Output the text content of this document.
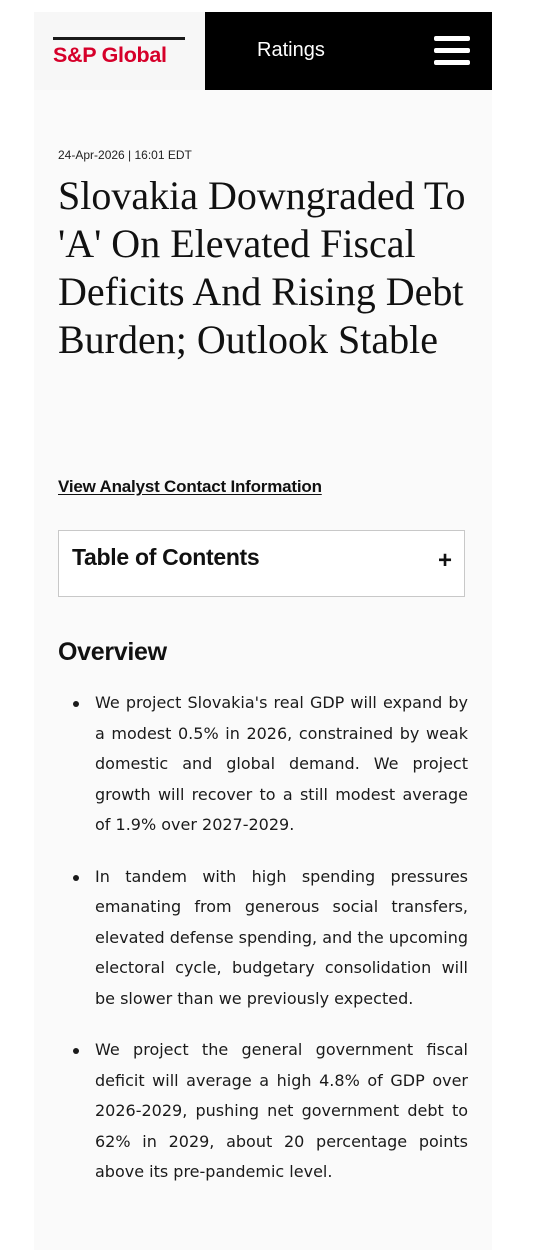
S&P Global	Ratings
24-Apr-2026 | 16:01 EDT
Slovakia Downgraded To 'A' On Elevated Fiscal Deficits And Rising Debt Burden; Outlook Stable
View Analyst Contact Information
Table of Contents	+
Overview
We project Slovakia's real GDP will expand by a modest 0.5% in 2026, constrained by weak domestic and global demand. We project growth will recover to a still modest average of 1.9% over 2027-2029.
In tandem with high spending pressures emanating from generous social transfers, elevated defense spending, and the upcoming electoral cycle, budgetary consolidation will be slower than we previously expected.
We project the general government fiscal deficit will average a high 4.8% of GDP over 2026-2029, pushing net government debt to 62% in 2029, about 20 percentage points above its pre-pandemic level.
